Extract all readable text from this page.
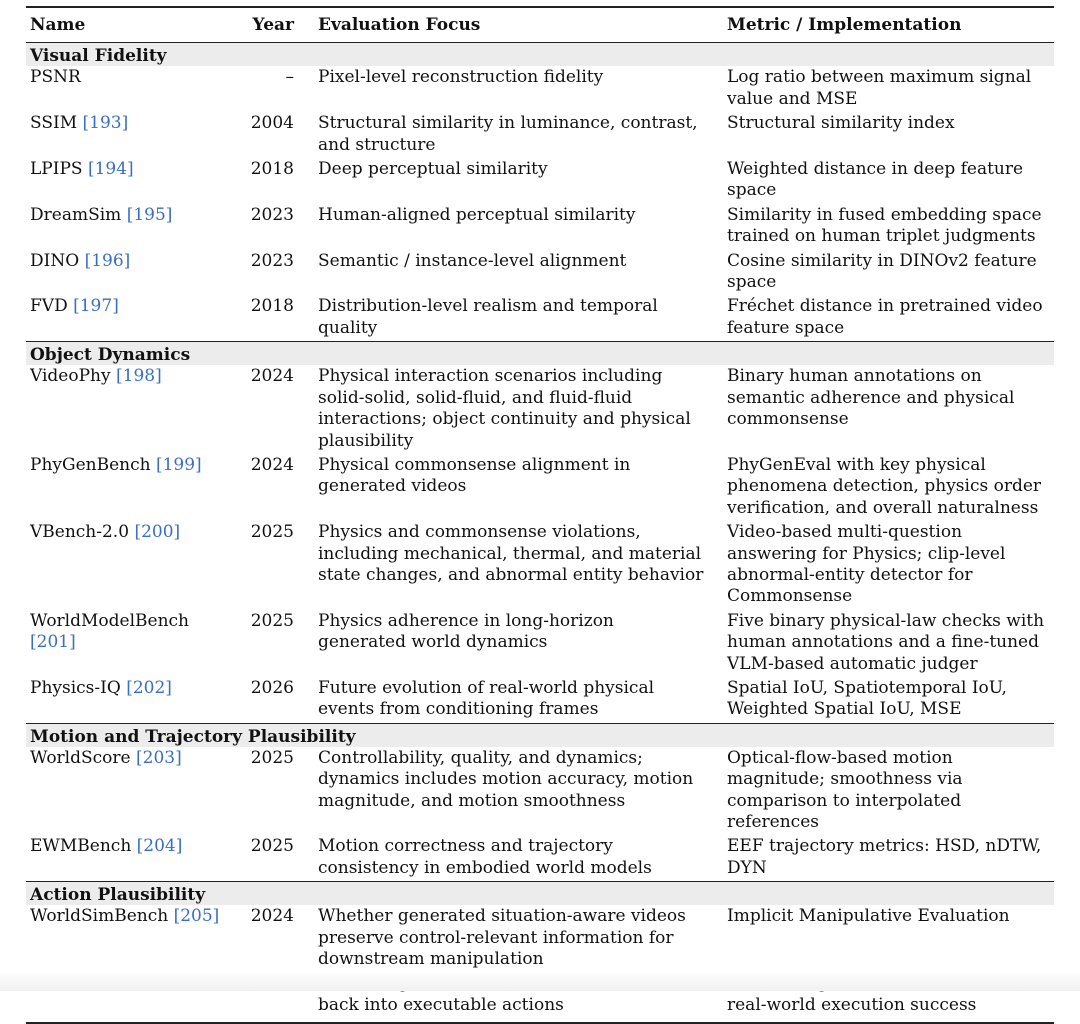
Name	Year	Evaluation Focus	Metric / Implementation
Visual Fidelity			
PSNR	–	Pixel-level reconstruction fidelity	Log ratio between maximum signal value and MSE
SSIM [193]	2004	Structural similarity in luminance, contrast, and structure	Structural similarity index
LPIPS [194]	2018	Deep perceptual similarity	Weighted distance in deep feature space
DreamSim [195]	2023	Human-aligned perceptual similarity	Similarity in fused embedding space trained on human triplet judgments
DINO [196]	2023	Semantic / instance-level alignment	Cosine similarity in DINOv2 feature space
FVD [197]	2018	Distribution-level realism and temporal quality	Fréchet distance in pretrained video feature space
Object Dynamics			
VideoPhy [198]	2024	Physical interaction scenarios including solid-solid, solid-fluid, and fluid-fluid interactions; object continuity and physical plausibility	Binary human annotations on semantic adherence and physical commonsense
PhyGenBench [199]	2024	Physical commonsense alignment in generated videos	PhyGenEval with key physical phenomena detection, physics order verification, and overall naturalness
VBench-2.0 [200]	2025	Physics and commonsense violations, including mechanical, thermal, and material state changes, and abnormal entity behavior	Video-based multi-question answering for Physics; clip-level abnormal-entity detector for Commonsense
WorldModelBench [201]	2025	Physics adherence in long-horizon generated world dynamics	Five binary physical-law checks with human annotations and a fine-tuned VLM-based automatic judger
Physics-IQ [202]	2026	Future evolution of real-world physical events from conditioning frames	Spatial IoU, Spatiotemporal IoU, Weighted Spatial IoU, MSE
Motion and Trajectory Plausibility			
WorldScore [203]	2025	Controllability, quality, and dynamics; dynamics includes motion accuracy, motion magnitude, and motion smoothness	Optical-flow-based motion magnitude; smoothness via comparison to interpolated references
EWMBench [204]	2025	Motion correctness and trajectory consistency in embodied world models	EEF trajectory metrics: HSD, nDTW, DYN
Action Plausibility			
WorldSimBench [205]	2024	Whether generated situation-aware videos preserve control-relevant information for downstream manipulation	Implicit Manipulative Evaluation
		back into executable actions	real-world execution success
